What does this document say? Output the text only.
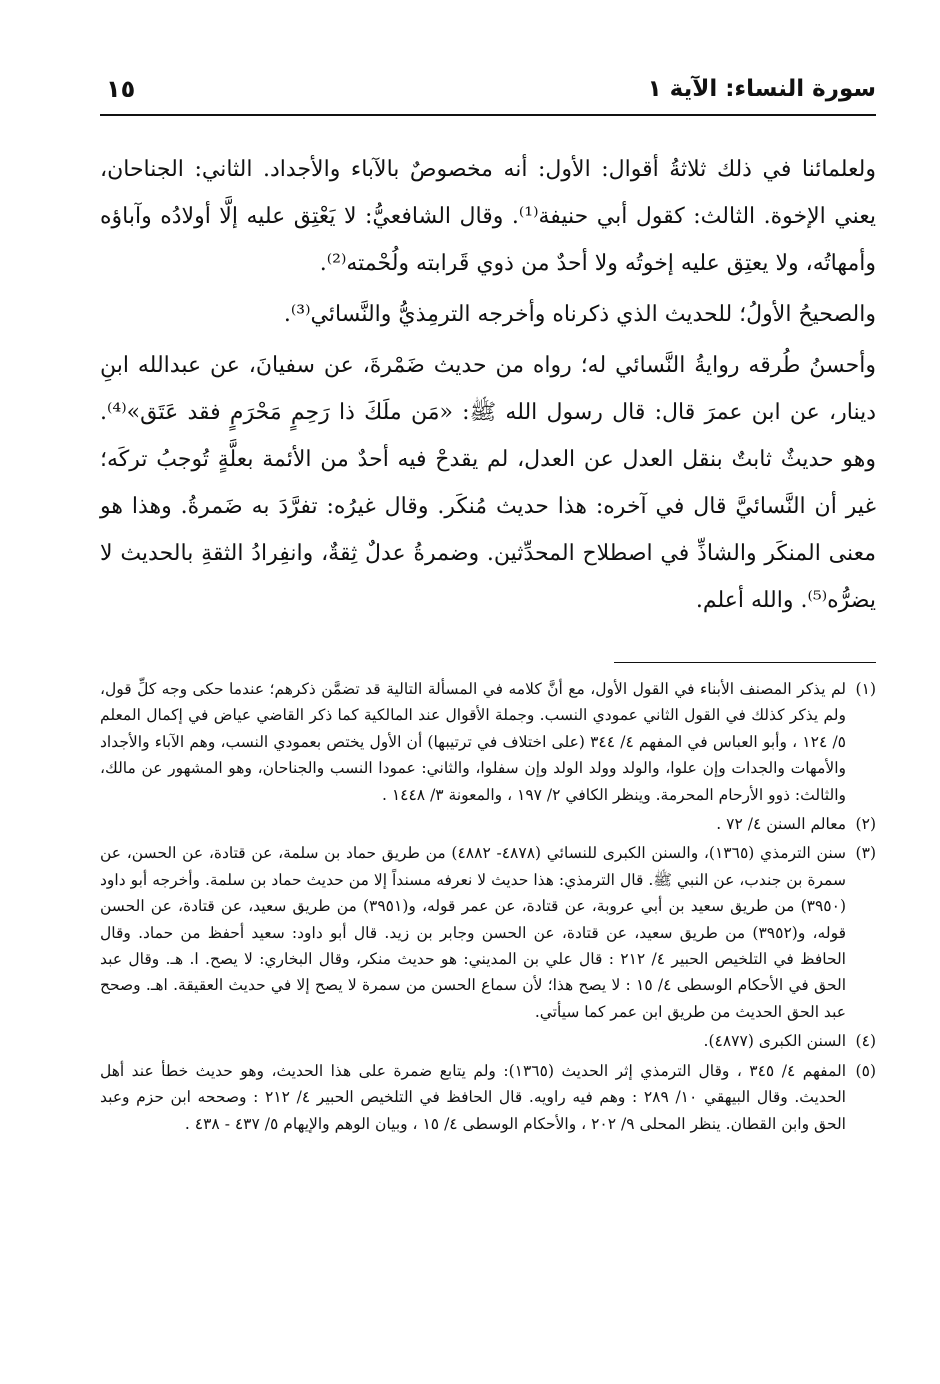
سورة النساء: الآية ١
١٥

ولعلمائنا في ذلك ثلاثةُ أقوال: الأول: أنه مخصوصٌ بالآباء والأجداد. الثاني: الجناحان، يعني الإخوة. الثالث: كقول أبي حنيفة⁽¹⁾. وقال الشافعيُّ: لا يَعْتِق عليه إلَّا أولادُه وآباؤه وأمهاتُه، ولا يعتِق عليه إخوتُه ولا أحدٌ من ذوي قَرابته ولُحْمته⁽²⁾.

والصحيحُ الأولُ؛ للحديث الذي ذكرناه وأخرجه الترمِذيُّ والنَّسائي⁽³⁾.

وأحسنُ طُرقه روايةُ النَّسائي له؛ رواه من حديث ضَمْرةَ، عن سفيانَ، عن عبدالله ابنِ دينار، عن ابن عمرَ قال: قال رسول الله ﷺ: «مَن ملَكَ ذا رَحِمٍ مَحْرَمٍ فقد عَتَق»⁽⁴⁾. وهو حديثٌ ثابتٌ بنقل العدل عن العدل، لم يقدحْ فيه أحدٌ من الأئمة بعلَّةٍ تُوجبُ تركَه؛ غير أن النَّسائيَّ قال في آخره: هذا حديث مُنكَر. وقال غيرُه: تفرَّدَ به ضَمرةُ. وهذا هو معنى المنكَر والشاذِّ في اصطلاح المحدِّثين. وضمرةُ عدلٌ ثِقةٌ، وانفِرادُ الثقةِ بالحديث لا يضرُّه⁽⁵⁾. والله أعلم.

(١)
لم يذكر المصنف الأبناء في القول الأول، مع أنَّ كلامه في المسألة التالية قد تضمَّن ذكرهم؛ عندما حكى وجه كلِّ قول، ولم يذكر كذلك في القول الثاني عمودي النسب. وجملة الأقوال عند المالكية كما ذكر القاضي عياض في إكمال المعلم ٥/ ١٢٤ ، وأبو العباس في المفهم ٤/ ٣٤٤ (على اختلاف في ترتيبها) أن الأول يختص بعمودي النسب، وهم الآباء والأجداد والأمهات والجدات وإن علوا، والولد وولد الولد وإن سفلوا، والثاني: عمودا النسب والجناحان، وهو المشهور عن مالك، والثالث: ذوو الأرحام المحرمة. وينظر الكافي ٢/ ١٩٧ ، والمعونة ٣/ ١٤٤٨ .

(٢)
معالم السنن ٤/ ٧٢ .

(٣)
سنن الترمذي (١٣٦٥)، والسنن الكبرى للنسائي (٤٨٧٨- ٤٨٨٢) من طريق حماد بن سلمة، عن قتادة، عن الحسن، عن سمرة بن جندب، عن النبي ﷺ. قال الترمذي: هذا حديث لا نعرفه مسنداً إلا من حديث حماد بن سلمة. وأخرجه أبو داود (٣٩٥٠) من طريق سعيد بن أبي عروبة، عن قتادة، عن عمر قوله، و(٣٩٥١) من طريق سعيد، عن قتادة، عن الحسن قوله، و(٣٩٥٢) من طريق سعيد، عن قتادة، عن الحسن وجابر بن زيد. قال أبو داود: سعيد أحفظ من حماد. وقال الحافظ في التلخيص الحبير ٤/ ٢١٢ : قال علي بن المديني: هو حديث منكر، وقال البخاري: لا يصح. ا. هـ. وقال عبد الحق في الأحكام الوسطى ٤/ ١٥ : لا يصح هذا؛ لأن سماع الحسن من سمرة لا يصح إلا في حديث العقيقة. اهـ. وصحح عبد الحق الحديث من طريق ابن عمر كما سيأتي.

(٤)
السنن الكبرى (٤٨٧٧).

(٥)
المفهم ٤/ ٣٤٥ ، وقال الترمذي إثر الحديث (١٣٦٥): ولم يتابع ضمرة على هذا الحديث، وهو حديث خطأ عند أهل الحديث. وقال البيهقي ١٠/ ٢٨٩ : وهم فيه راويه. قال الحافظ في التلخيص الحبير ٤/ ٢١٢ : وصححه ابن حزم وعبد الحق وابن القطان. ينظر المحلى ٩/ ٢٠٢ ، والأحكام الوسطى ٤/ ١٥ ، وبيان الوهم والإيهام ٥/ ٤٣٧ - ٤٣٨ .
